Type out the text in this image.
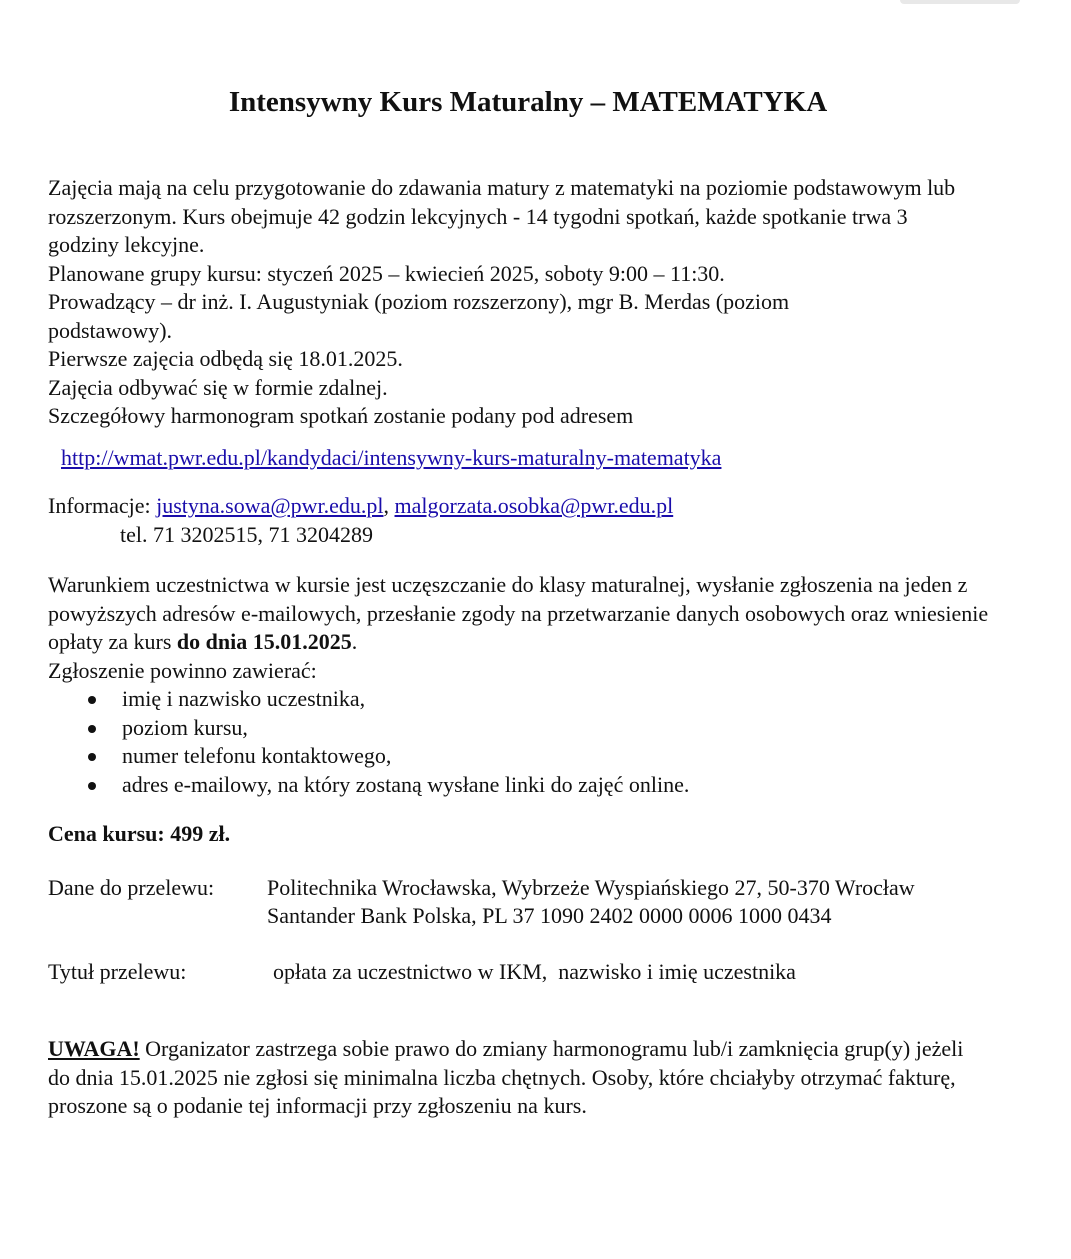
Intensywny Kurs Maturalny – MATEMATYKA

Zajęcia mają na celu przygotowanie do zdawania matury z matematyki na poziomie podstawowym lub rozszerzonym. Kurs obejmuje 42 godzin lekcyjnych - 14 tygodni spotkań, każde spotkanie trwa 3 godziny lekcyjne.

Planowane grupy kursu: styczeń 2025 – kwiecień 2025, soboty 9:00 – 11:30.

Prowadzący – dr inż. I. Augustyniak (poziom rozszerzony), mgr B. Merdas (poziom podstawowy).

Pierwsze zajęcia odbędą się 18.01.2025.

Zajęcia odbywać się w formie zdalnej.

Szczegółowy harmonogram spotkań zostanie podany pod adresem

http://wmat.pwr.edu.pl/kandydaci/intensywny-kurs-maturalny-matematyka

Informacje: justyna.sowa@pwr.edu.pl, malgorzata.osobka@pwr.edu.pl

tel. 71 3202515, 71 3204289

Warunkiem uczestnictwa w kursie jest uczęszczanie do klasy maturalnej, wysłanie zgłoszenia na jeden z powyższych adresów e-mailowych, przesłanie zgody na przetwarzanie danych osobowych oraz wniesienie opłaty za kurs do dnia 15.01.2025.

Zgłoszenie powinno zawierać:

imię i nazwisko uczestnika,
poziom kursu,
numer telefonu kontaktowego,
adres e-mailowy, na który zostaną wysłane linki do zajęć online.

Cena kursu: 499 zł.

Dane do przelewu:	Politechnika Wrocławska, Wybrzeże Wyspiańskiego 27, 50-370 Wrocław
Santander Bank Polska, PL 37 1090 2402 0000 0006 1000 0434
Tytuł przelewu:	opłata za uczestnictwo w IKM,  nazwisko i imię uczestnika

UWAGA! Organizator zastrzega sobie prawo do zmiany harmonogramu lub/i zamknięcia grup(y) jeżeli do dnia 15.01.2025 nie zgłosi się minimalna liczba chętnych. Osoby, które chciałyby otrzymać fakturę, proszone są o podanie tej informacji przy zgłoszeniu na kurs.
